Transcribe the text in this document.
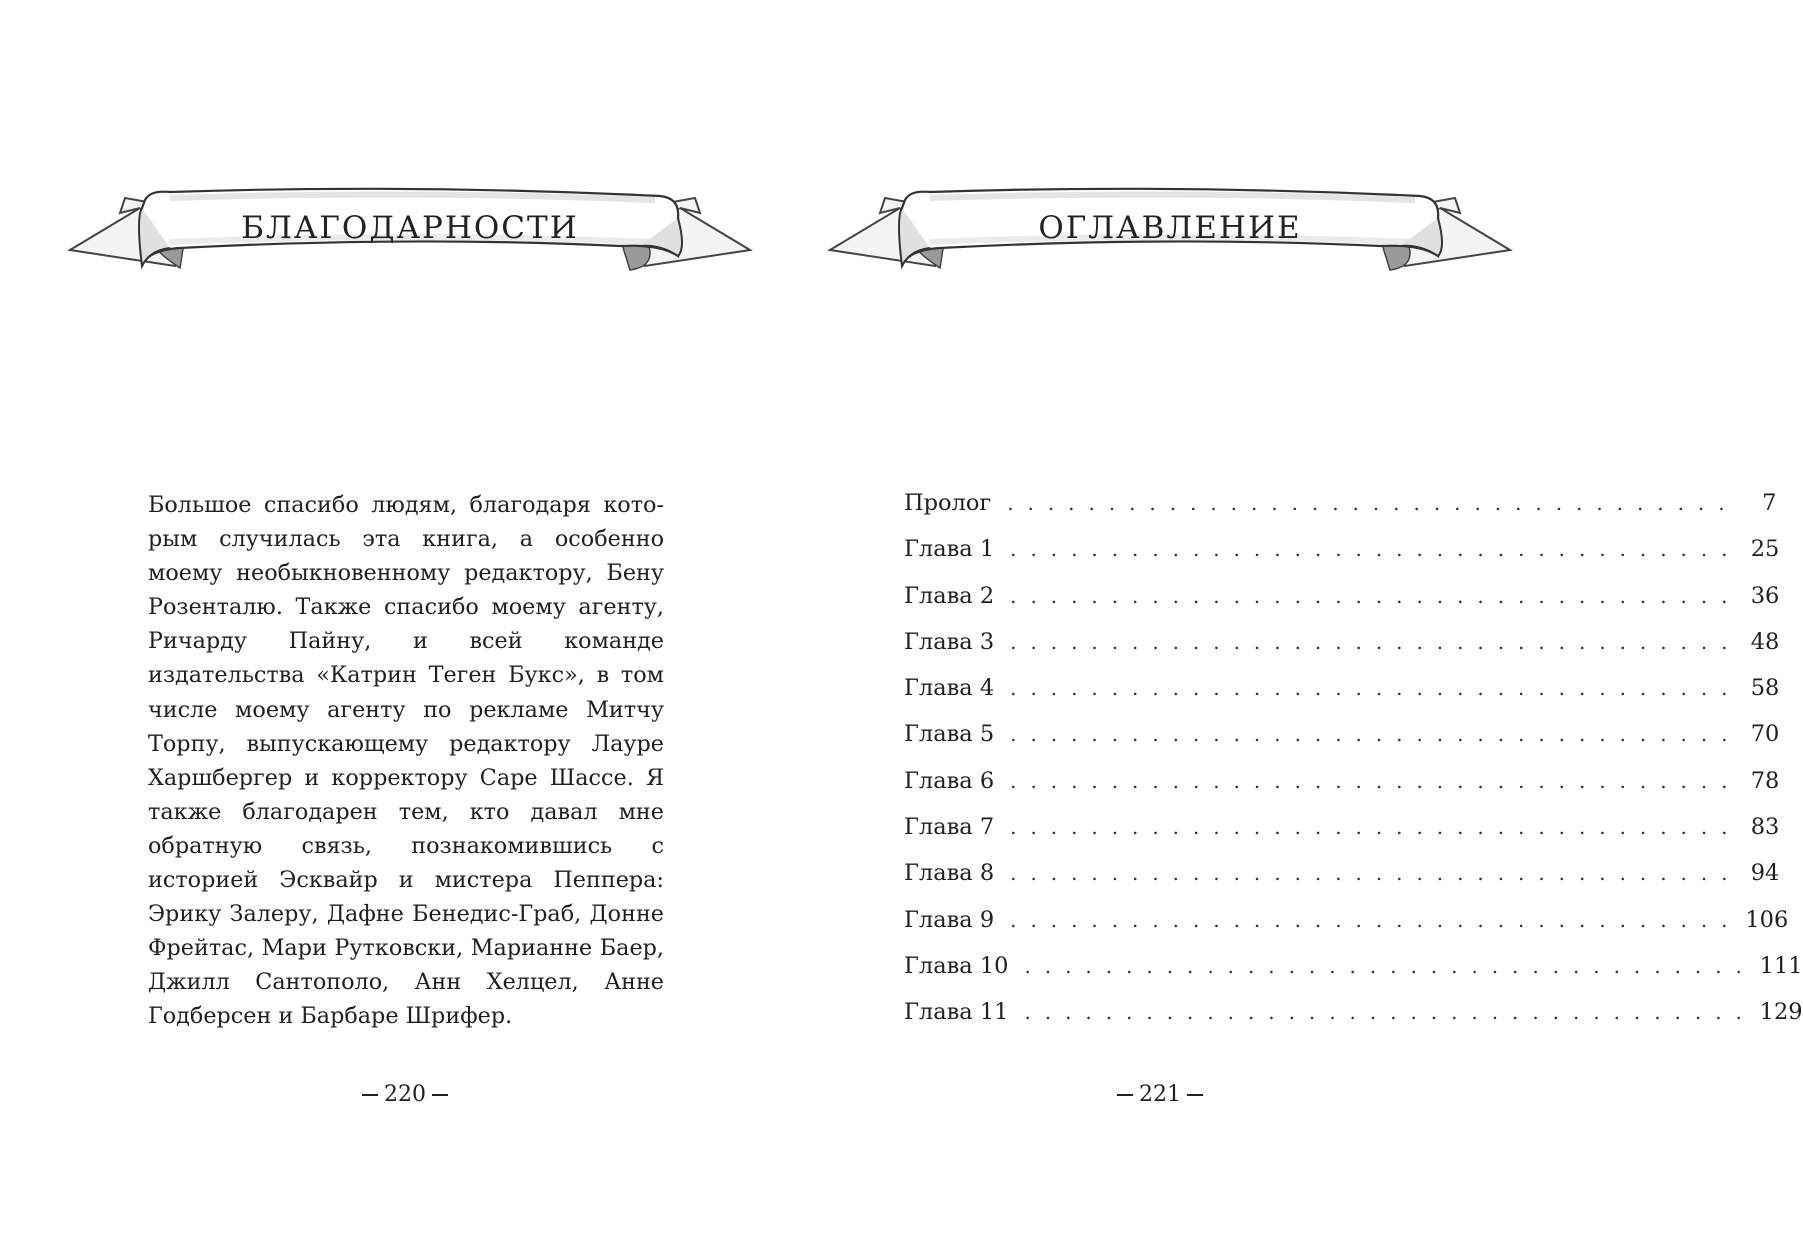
БЛАГОДАРНОСТИ

Большое спасибо людям, благодаря которым случилась эта книга, а особенно моему необыкновенному редактору, Бену Розенталю. Также спасибо моему агенту, Ричарду Пайну, и всей команде издательства «Катрин Теген Букс», в том числе моему агенту по рекламе Митчу Торпу, выпускающему редактору Лауре Харшбергер и корректору Саре Шассе. Я также благодарен тем, кто давал мне обратную связь, познакомившись с историей Эсквайр и мистера Пеппера: Эрику Залеру, Дафне Бенедис-Граб, Донне Фрейтас, Мари Рутковски, Марианне Баер, Джилл Сантополо, Анн Хелцел, Анне Годберсен и Барбаре Шрифер.

220
ОГЛАВЛЕНИЕ
Пролог . . . . . . . . . . . . . . . . . . . . . . . . . . . . . . . . . . . .	7
Глава 1 . . . . . . . . . . . . . . . . . . . . . . . . . . . . . . . . . . . . 25
Глава 2 . . . . . . . . . . . . . . . . . . . . . . . . . . . . . . . . . . . . 36
Глава 3 . . . . . . . . . . . . . . . . . . . . . . . . . . . . . . . . . . . . 48
Глава 4 . . . . . . . . . . . . . . . . . . . . . . . . . . . . . . . . . . . . 58
Глава 5 . . . . . . . . . . . . . . . . . . . . . . . . . . . . . . . . . . . . 70
Глава 6 . . . . . . . . . . . . . . . . . . . . . . . . . . . . . . . . . . . . 78
Глава 7 . . . . . . . . . . . . . . . . . . . . . . . . . . . . . . . . . . . . 83
Глава 8 . . . . . . . . . . . . . . . . . . . . . . . . . . . . . . . . . . . . 94
Глава 9 . . . . . . . . . . . . . . . . . . . . . . . . . . . . . . . . . . . . 106
Глава 10 . . . . . . . . . . . . . . . . . . . . . . . . . . . . . . . . . . . . 111
Глава 11 . . . . . . . . . . . . . . . . . . . . . . . . . . . . . . . . . . . . 129
221
